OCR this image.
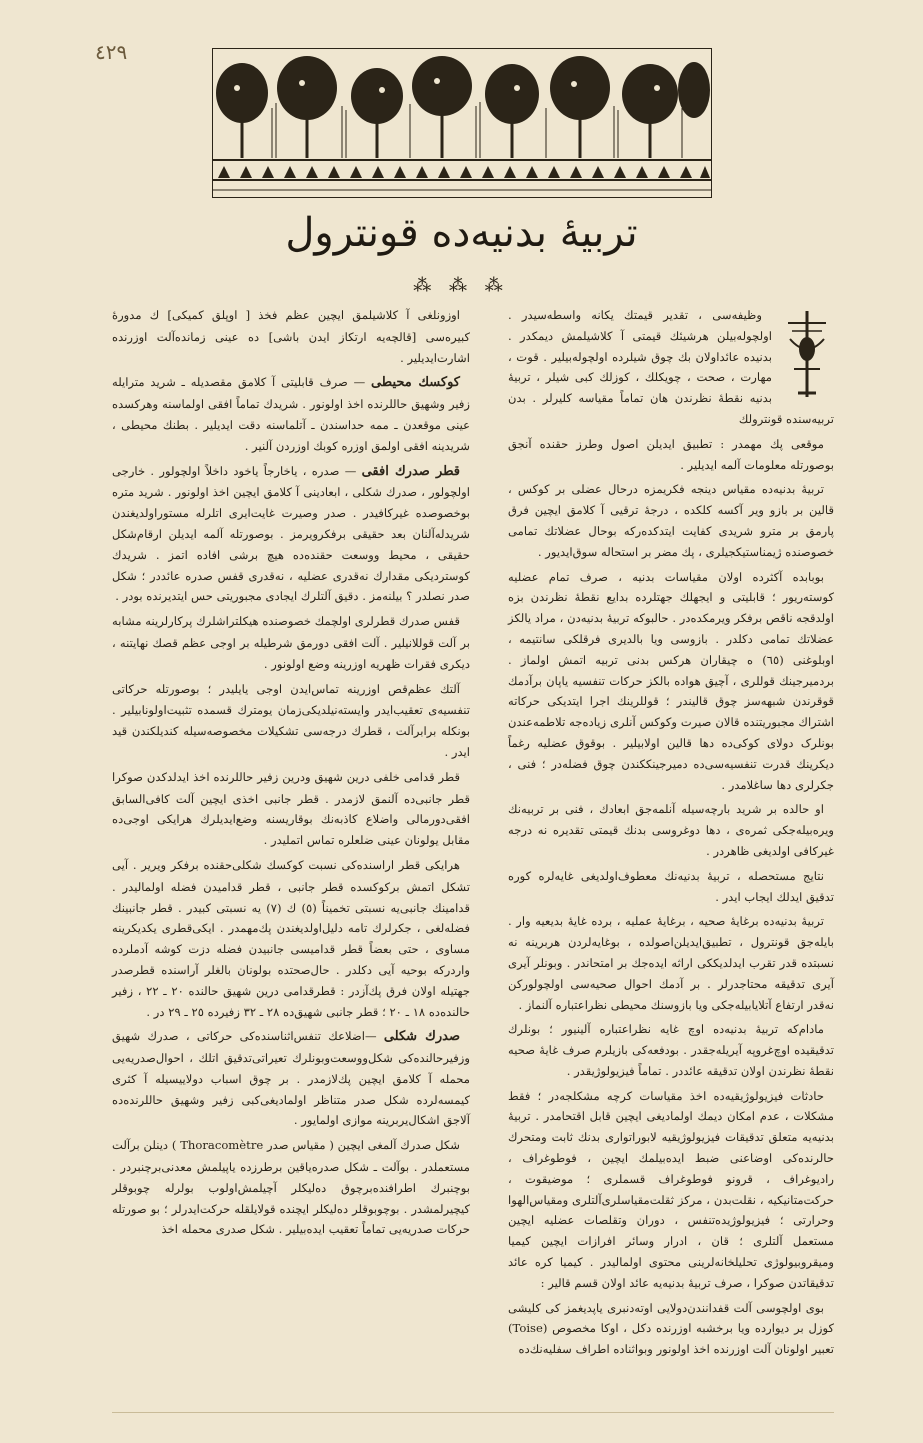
٤٢٩
تربیهٔ بدنیه‌ده قونترول
⁂ ⁂ ⁂

وظیفه‌سی ، تقدیر قیمتك یکانه واسطه‌سیدر . اولچوله‌بیلن هرشیئك قیمتی آ کلاشیلمش دیمکدر . بدنیده عائداولان بك چوق شیلرده اولچوله‌بیلیر . قوت ، مهارت ، صحت ، چویکلك ، کوزلك کبی شیلر ، تربیهٔ بدنیه نقطهٔ نظرندن هان تماماً مقیاسه کلیرلر . بدن تربیه‌سنده قونترولك

موقعی پك مهمدر : تطبیق ایدیلن اصول وطرز حقنده آنجق بوصورتله معلومات آلمه ایدیلیر .

تربیهٔ بدنیه‌ده مقیاس دینجه فکریمزه درحال عضلی بر کوکس ، قالین بر بازو ویر آکسه کلکده ، درجهٔ ترقیی آ کلامق ایچین فرق پارمق بر مترو شریدی کفایت ایتدکده‌رکه بوحال عضلاتك تمامی خصوصنده ژیمناستیکجیلری ، پك مضر بر استحاله سوق‌ایدیور .

بوبابده آکثرده اولان مقیاسات بدنیه ، صرف تمام عضلیه کوسته‌ریور ؛ قابلیتی و ایجهلك جهتلرده بدایع نقطهٔ نظرندن بزه اولدقجه ناقص برفکر ویرمکده‌در . حالبوکه تربیهٔ بدنیه‌دن ، مراد یالکز عضلاتك تمامی دکلدر . بازوسی ویا بالدیری فرقلکی سانتیمه ، اوبلوغنی (٦٥) ه چیقاران هرکس بدنی تربیه اتمش اولماز . بردمیرجینك قوللری ، آچیق هواده بالکز حرکات تنفسیه یاپان برآدمك قوقرندن شبهه‌سز چوق قالیندر ؛ قوللرینك اجرا ایتدیکی حرکاته اشتراك مجبوریتنده قالان صیرت وکوکس آنلری زیاده‌جه تلاطمه‌عندن بونلرک دولای کوکی‌ده دها قالین اولابیلیر . بوقوق عضلیه رغماً دیکرینك قدرت تنفسیه‌سی‌ده دمیرجینککندن چوق فضله‌در ؛ فنی ، جکرلری دها ساغلامدر .

او حالده بر شرید بارچه‌سیله آنلمه‌جق ابعادك ، فنی بر تربیه‌نك ویره‌بیله‌جکی ثمره‌ی ، دها دوغروسی بدنك قیمتی تقدیره نه درجه غیرکافی اولدیغی ظاهردر .

نتایج مستحصله ، تربیهٔ بدنیه‌نك معطوف‌اولدیغی غایه‌لره کوره تدقیق ایدلك ایجاب ایدر .

تربیهٔ بدنیه‌ده برغایهٔ صحیه ، برغایهٔ عملیه ، برده غایهٔ بدیعیه وار . بایله‌جق قونترول ، تطبیق‌ایدیلن‌اصولده ، بوغایه‌لردن هربرینه نه‌ نسبتده قدر تقرب ایدلدیککی اراثه ایده‌جك بر امتحاندر . وبونلر آیری آیری تدقیقه محتاجدرلر . بر آدمك احوال صحیه‌سی اولچولورکن نه‌قدر ارتفاع آتلایابیله‌جکی ویا بازوسنك محیطی نظراعتباره آلنماز .

مادام‌که تربیهٔ بدنیه‌ده اوچ غایه نظراعتباره آلینیور ؛ بونلرك تدقیقیده اوچ‌غروپه آیریله‌جقدر . بودفعه‌کی بازیلرم صرف غایهٔ صحیه نقطهٔ نظرندن اولان تدقیقه عائددر . تماماً فیزیولوژیقدر .

حادثات فیزیولوژیقیه‌ده اخذ مقیاسات کرچه مشکلجه‌در ؛ فقط مشکلات ، عدم امکان دیمك اولمادیغی ایچین قابل اقتحامدر . تربیهٔ بدنیه‌یه متعلق تدقیقات فیزیولوژیقیه لابوراتواری بدنك ثابت ومتحرك حالرنده‌کی اوضاعنی ضبط ایده‌بیلمك ایچین ، فوطوغراف ، رادیوغراف ، قرونو فوطوغراف قسملری ؛ موضیقوت ، حرکت‌متانیکیه ، نقلت‌بدن ، مرکز ثقلت‌مقیاسلری‌آلتلری ومقیاس‌الهوا وحرارتی ؛ فیزیولوژیده‌تنفس ، دوران وتقلصات عضلیه ایچین مستعمل آلتلری ؛ قان ، ادرار وسائر افرازات ایچین کیمیا ومیقروبیولوژی تحلیلخانه‌لرینی محتوی اولمالیدر . کیمیا کره عائد تدقیقاتدن صوکرا ، صرف تربیهٔ بدنیه‌یه عائد اولان قسم قالیر :

بوی اولچوسی آلت قفدانندن‌دولایی اوته‌دنبری یاپدیغمز کی کلیشی کوزل بر دیوارده ویا برخشبه اوزرنده دکل ، اوکا مخصوص (Toise) تعبیر اولونان آلت اوزرنده اخذ اولونور وبواثناده اطراف سفلیه‌نك‌ده

اوزونلغی آ کلاشیلمق ایچین عظم فخذ [ اوپلق کمیکی] ك مدورهٔ کبیره‌سی [قالچه‌یه ارتکاز ایدن باشی] ده عینی زمانده‌آلت اوزرنده اشارت‌ایدیلیر .

کوکسك محیطی — صرف قابلیتی آ کلامق مقصدیله ـ شرید مترایله زفیر وشهیق حاللرنده اخذ اولونور . شریدك تماماً افقی اولماسنه وهرکسده عینی موقعدن ـ ممه حداسندن ـ آتلماسنه دقت ایدیلیر . بطنك محیطی ، شریدینه افقی اولمق اوزره کوبك اوزردن آلنیر .

قطر صدرك افقی — صدره ، یاخارجاً یاخود داخلاً اولچولور . خارجی اولچولور ، صدرك شکلی ، ابعادینی آ کلامق ایچین اخذ اولونور . شرید متره بوخصوصده غیرکافیدر . صدر وصیرت غایت‌ایری اتلرله مستوراولدیغندن شریدله‌آلنان بعد حقیقی برفکرویرمز . بوصورتله آلمه ایدیلن ارقام‌شکل حقیقی ، محیط ووسعت حقنده‌ده هیچ برشی افاده اتمز . شریدك کوستردیکی مقدارك نه‌قدری عضلیه ، نه‌قدری قفس صدره عائددر ؛ شکل صدر نصلدر ؟ بیلنه‌مز . دقیق آلتلرك ایجادی مجبوریتی حس ایتدیرنده بودر .

قفس صدرك قطرلری اولچمك خصوصنده هیکلتراشلرك پرکارلرینه مشابه بر آلت قوللانیلیر . آلت افقی دورمق شرطیله بر اوجی عظم قصك نهایتنه ، دیکری فقرات ظهریه اوزرینه وضع اولونور .

آلتك عظم‌قص اوزرینه تماس‌ایدن اوجی یایلیدر ؛ بوصورتله حرکاتی تنفسیه‌ی تعقیب‌ایدر وایسته‌نیلدیکی‌زمان یومترك قسمده تثبیت‌اولونابیلیر . بونکله برابرآلت ، قطرك درجه‌سی تشکیلات مخصوصه‌سیله کندیلکندن قید ایدر .

قطر قدامی خلفی درین شهیق ودرین زفیر حاللرنده اخذ ایدلدکدن صوکرا قطر جانبی‌ده آلنمق لازمدر . قطر جانبی اخذی ایچین آلت کافی‌السابق افقی‌دورمالی واضلاع کاذبه‌نك بوقاریسنه وضع‌ایدیلرك هرایکی اوجی‌ده مقابل یولونان عینی ضلعلره تماس اتملیدر .

هرایکی قطر اراسنده‌کی نسبت کوکسك شکلی‌حقنده برفکر ویریر . آیی تشکل اتمش برکوکسده قطر جانبی ، قطر قدامیدن فضله اولمالیدر . قدامینك جانبی‌یه نسبتی تخمیناً (٥) ك (٧) یه نسبتی کبیدر . قطر جانبینك فضله‌لغی ، جکرلرك تامه دلیل‌اولدیغندن پك‌مهمدر . ایکی‌قطری یکدیکرینه مساوی ، حتی بعضاً قطر قدامیسی جانبیدن فضله دزت کوشه آدملرده واردرکه بوحیه آیی دکلدر . حال‌صحتده بولونان بالغلر آراسنده قطرصدر جهتیله اولان فرق پك‌آزدر : قطرقدامی درین شهیق حالنده ٢٠ ـ ٢٢ ، زفیر حالنده‌ده ١٨ ـ ٢٠ ؛ قطر جانبی شهیق‌ده ٢٨ ـ ٣٢ زفیرده ٢٥ ـ ٢٩ در .

صدرك شکلی —اضلاعك تنفس‌اثناسنده‌کی حرکاتی ، صدرك شهیق وزفیرحالنده‌کی شکل‌ووسعت‌وبونلرك تعیراتی‌تدقیق اتلك ، احوال‌صدریه‌یی محمله آ کلامق ایچین پك‌لازمدر . بر چوق اسباب دولاییسیله آ کثری کیمسه‌لرده شکل صدر متناظر اولمادیغی‌کبی زفیر وشهیق حاللرنده‌ده آلاجق اشکال‌یربرینه موازی اولمایور .

شکل صدرك آلمغی ایچین ( مقیاس صدر Thoracomètre ) دینلن برآلت مستعملدر . بوآلت ـ شکل صدره‌یاقین برطرزده یاپیلمش معدنی‌برچنبردر . بوچنبرك اطرافنده‌برچوق ده‌لیکلر آچیلمش‌اولوب بولرله چوبوقلر کیچیرلمشدر . بوچوبوقلر ده‌لیکلر ایچنده قولایلقله حرکت‌ایدرلر ؛ بو صورتله حرکات صدریه‌یی تماماً تعقیب ایده‌بیلیر . شکل صدری محمله اخذ
